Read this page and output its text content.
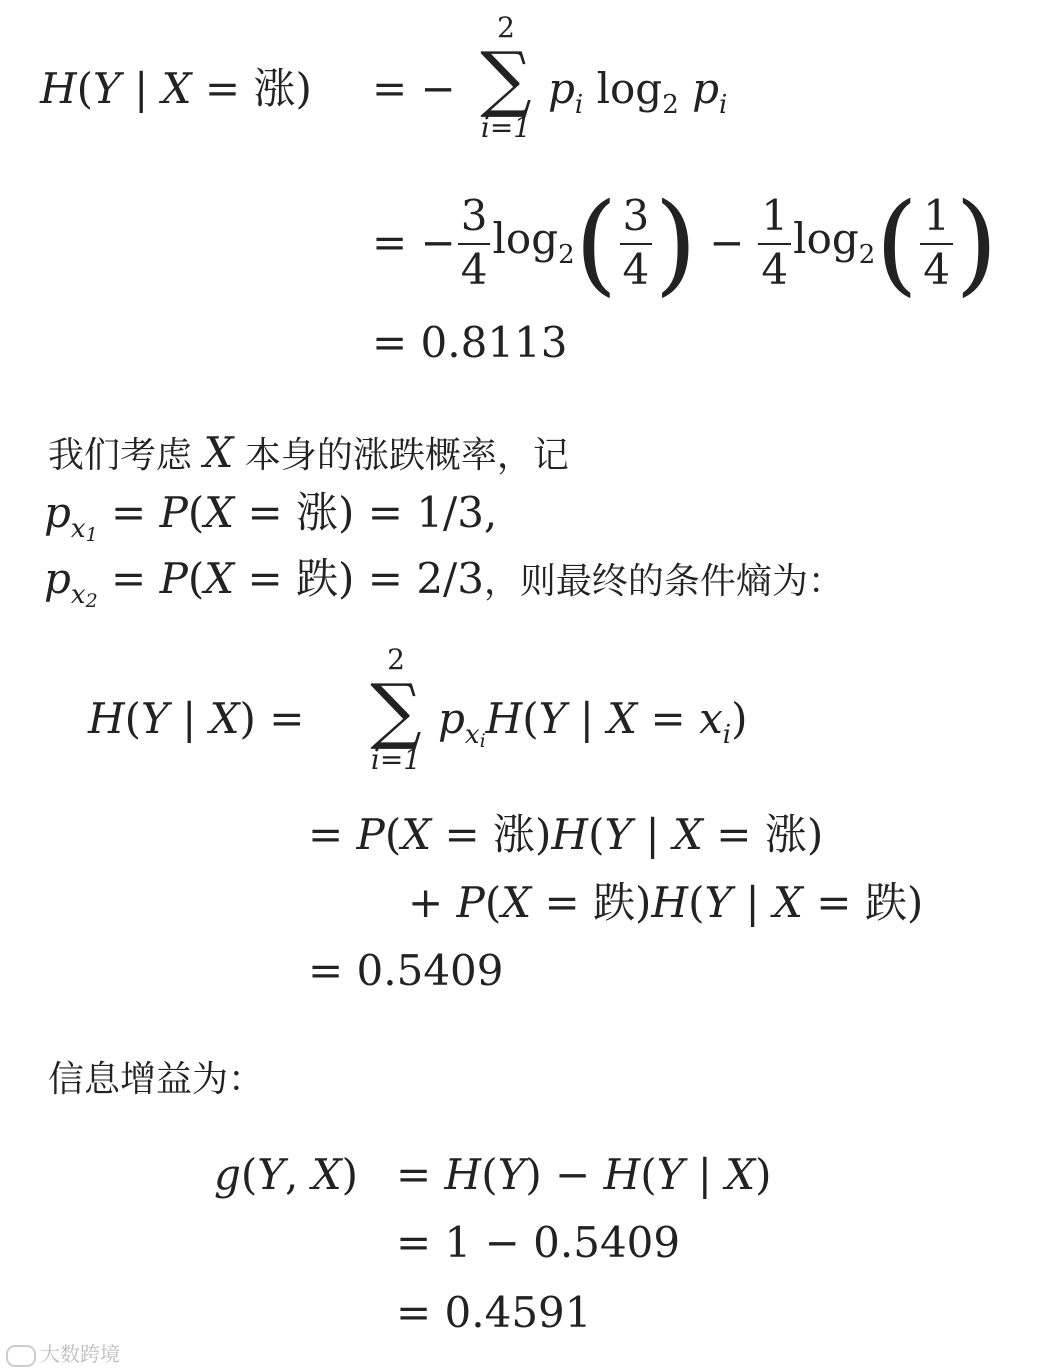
H(Y | X = 涨) = −
2
∑
i=1
$p_i$ $\log_2 p_i$
= − $\frac{3}{4} \log_2$ ( $\frac{3}{4}$ ) − $\frac{1}{4} \log_2$ ( $\frac{1}{4}$ )
= 0.8113
我们考虑 X 本身的涨跌概率，记
$p_{x1} = P(X$ = 涨) = 1/3,
$p_{x2} = P(X$ = 跌) = 2/3，则最终的条件熵为：
H(Y | X) =
2
∑
i=1
$p_{xi}H(Y$ | $X = x_i$)
= P(X = 涨)H(Y | X = 涨)
+ P(X = 跌)H(Y | X = 跌)
= 0.5409
信息增益为：
g(Y, X) = H(Y) − H(Y | X)
= 1 − 0.5409
= 0.4591
大数跨境
